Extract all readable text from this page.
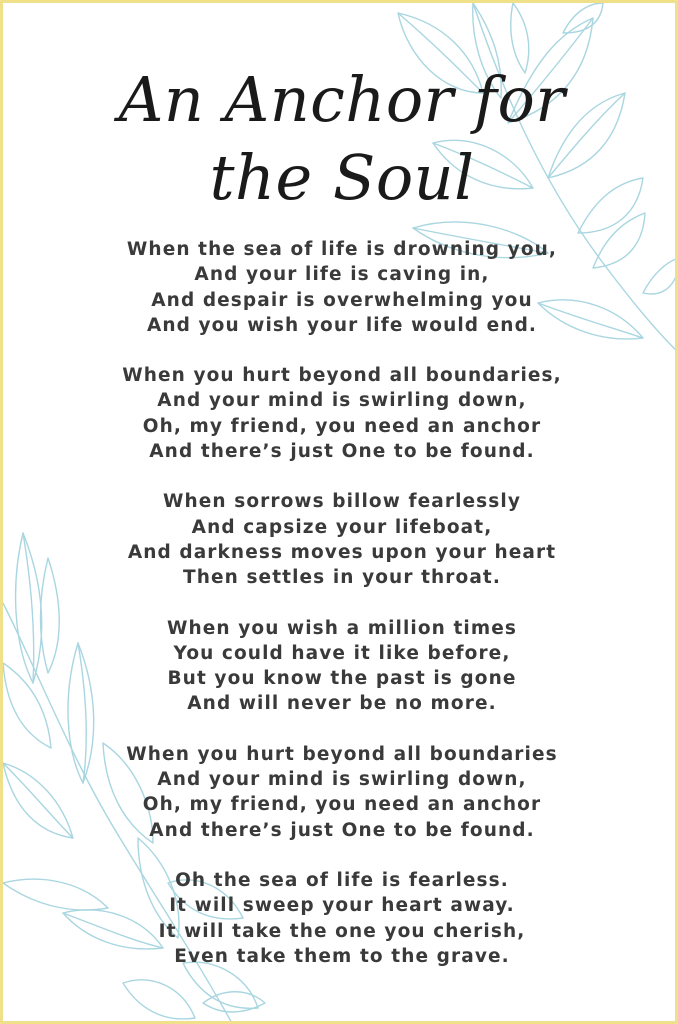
An Anchor for
the Soul
When the sea of life is drowning you,
And your life is caving in,
And despair is overwhelming you
And you wish your life would end.
When you hurt beyond all boundaries,
And your mind is swirling down,
Oh, my friend, you need an anchor
And there’s just One to be found.
When sorrows billow fearlessly
And capsize your lifeboat,
And darkness moves upon your heart
Then settles in your throat.
When you wish a million times
You could have it like before,
But you know the past is gone
And will never be no more.
When you hurt beyond all boundaries
And your mind is swirling down,
Oh, my friend, you need an anchor
And there’s just One to be found.
Oh the sea of life is fearless.
It will sweep your heart away.
It will take the one you cherish,
Even take them to the grave.
